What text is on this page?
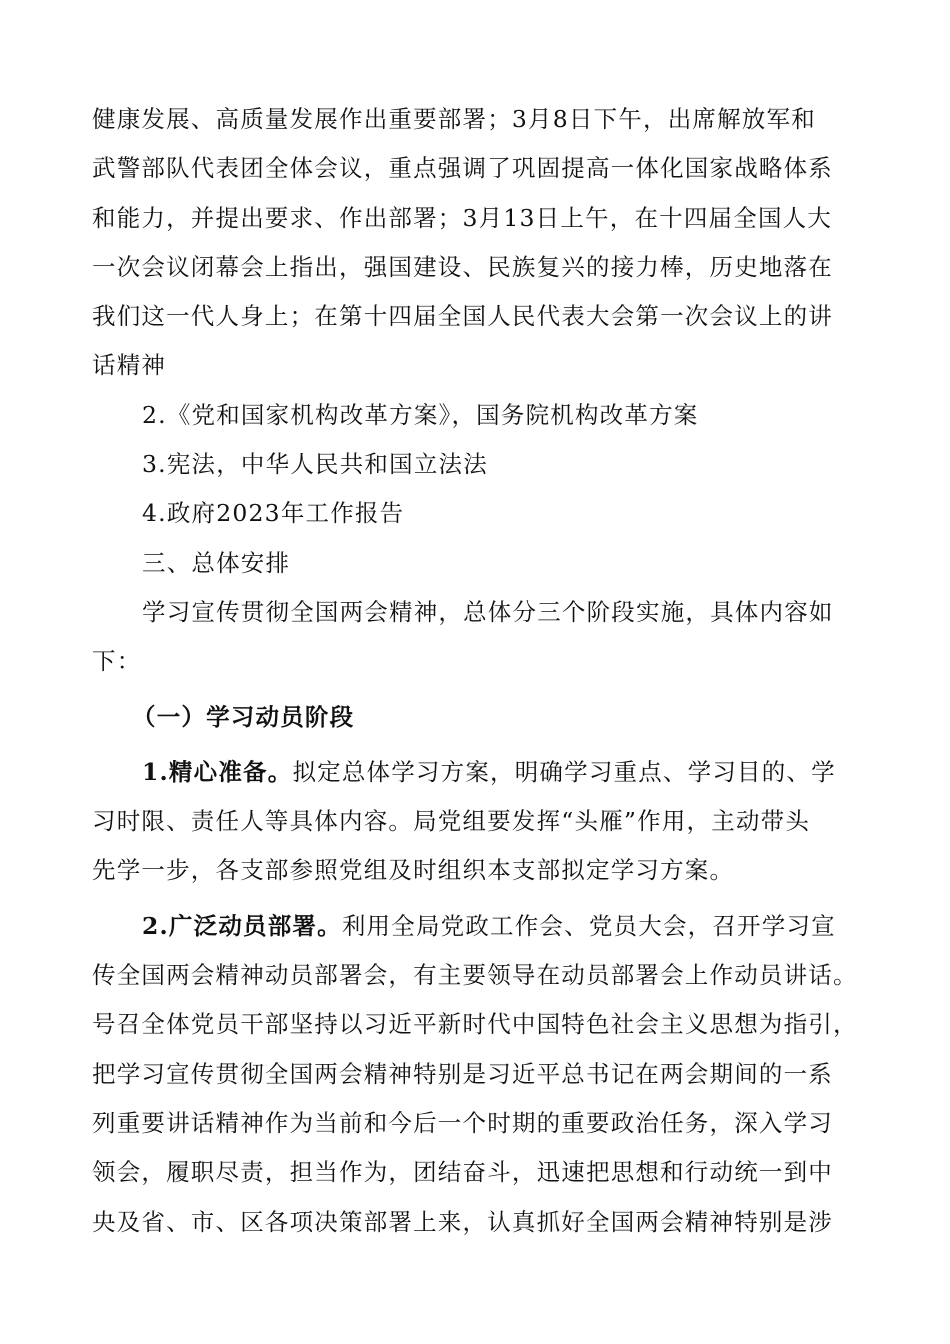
健康发展、高质量发展作出重要部署；3月8日下午，出席解放军和
武警部队代表团全体会议，重点强调了巩固提高一体化国家战略体系
和能力，并提出要求、作出部署；3月13日上午，在十四届全国人大
一次会议闭幕会上指出，强国建设、民族复兴的接力棒，历史地落在
我们这一代人身上；在第十四届全国人民代表大会第一次会议上的讲
话精神
2.《党和国家机构改革方案》，国务院机构改革方案
3.宪法，中华人民共和国立法法
4.政府2023年工作报告
三、总体安排
学习宣传贯彻全国两会精神，总体分三个阶段实施，具体内容如
下：
（一）学习动员阶段
1.精心准备。拟定总体学习方案，明确学习重点、学习目的、学
习时限、责任人等具体内容。局党组要发挥“头雁”作用，主动带头
先学一步，各支部参照党组及时组织本支部拟定学习方案。
2.广泛动员部署。利用全局党政工作会、党员大会，召开学习宣
传全国两会精神动员部署会，有主要领导在动员部署会上作动员讲话。
号召全体党员干部坚持以习近平新时代中国特色社会主义思想为指引，
把学习宣传贯彻全国两会精神特别是习近平总书记在两会期间的一系
列重要讲话精神作为当前和今后一个时期的重要政治任务，深入学习
领会，履职尽责，担当作为，团结奋斗，迅速把思想和行动统一到中
央及省、市、区各项决策部署上来，认真抓好全国两会精神特别是涉
